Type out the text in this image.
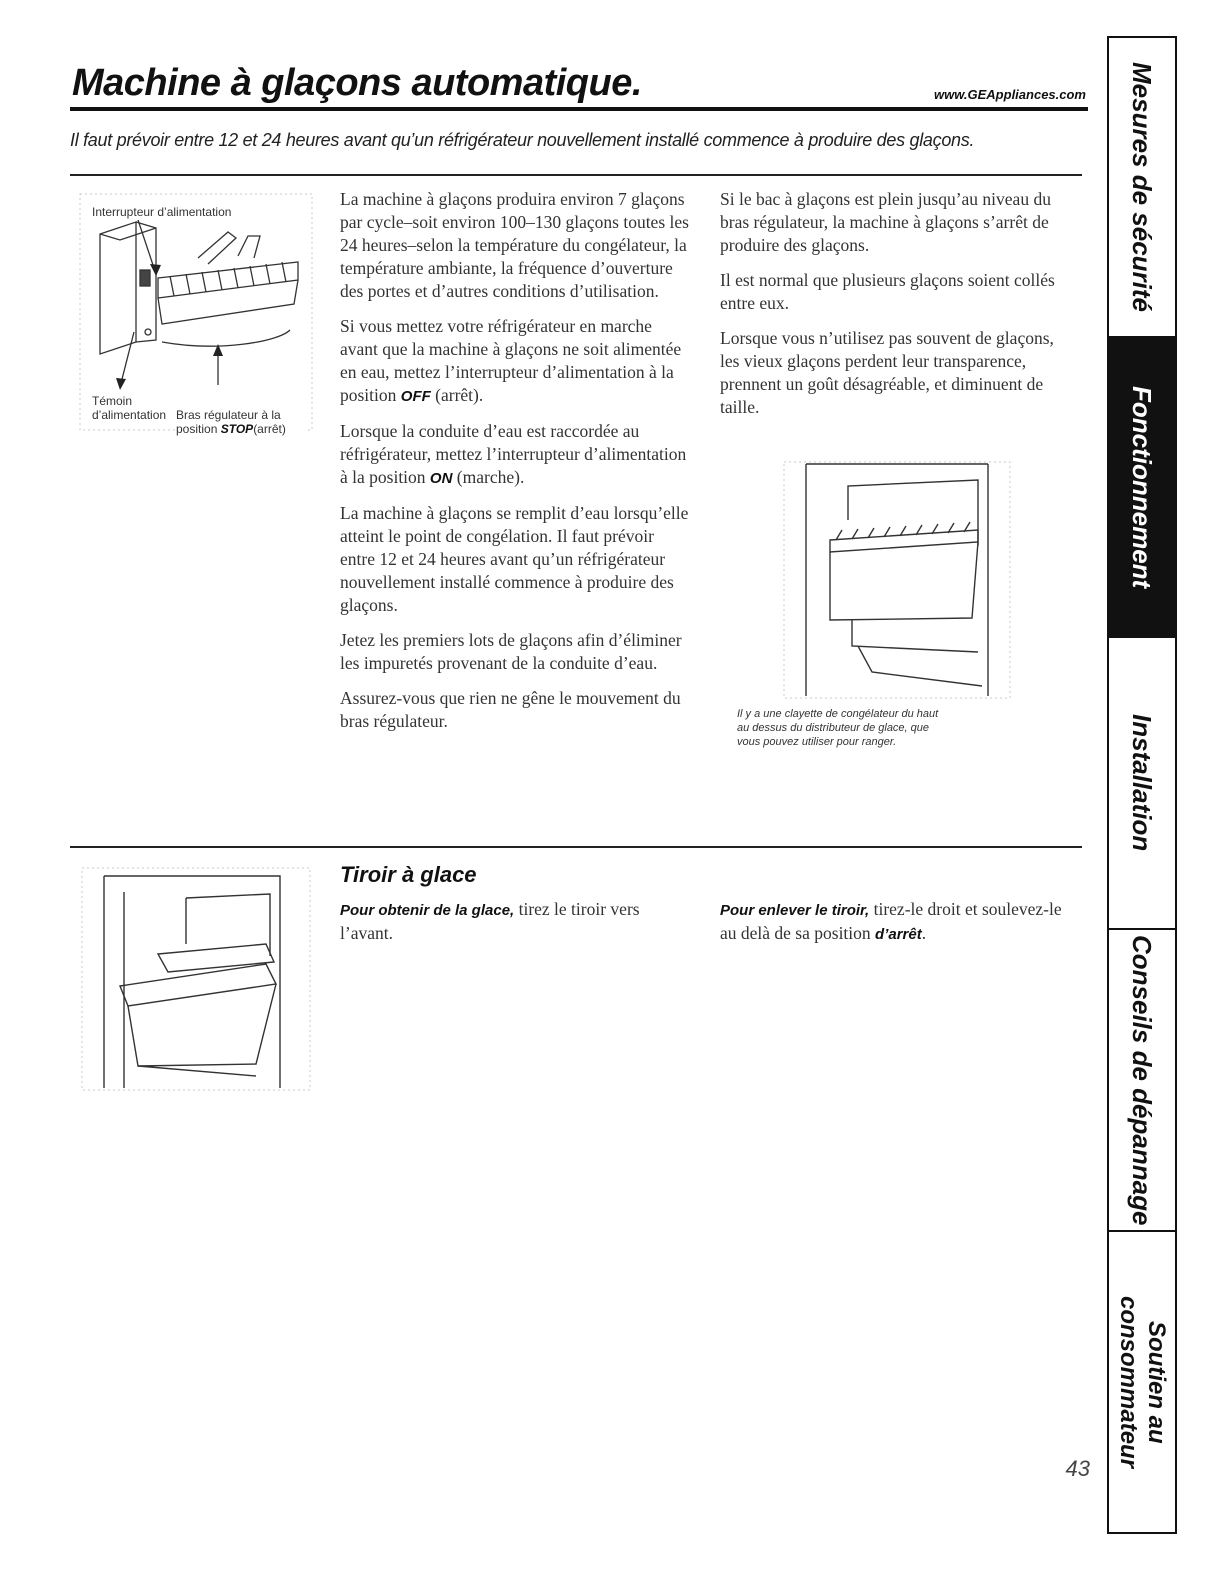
Machine à glaçons automatique.	www.GEAppliances.com
Il faut prévoir entre 12 et 24 heures avant qu’un réfrigérateur nouvellement installé commence à produire des glaçons.
Interrupteur d’alimentation
Témoin d’alimentation Bras régulateur à la position STOP(arrêt)

La machine à glaçons produira environ 7 glaçons par cycle–soit environ 100–130 glaçons toutes les 24 heures–selon la température du congélateur, la température ambiante, la fréquence d’ouverture des portes et d’autres conditions d’utilisation.

Si vous mettez votre réfrigérateur en marche avant que la machine à glaçons ne soit alimentée en eau, mettez l’interrupteur d’alimentation à la position OFF (arrêt).

Lorsque la conduite d’eau est raccordée au réfrigérateur, mettez l’interrupteur d’alimentation à la position ON (marche).

La machine à glaçons se remplit d’eau lorsqu’elle atteint le point de congélation. Il faut prévoir entre 12 et 24 heures avant qu’un réfrigérateur nouvellement installé commence à produire des glaçons.

Jetez les premiers lots de glaçons afin d’éliminer les impuretés provenant de la conduite d’eau.

Assurez-vous que rien ne gêne le mouvement du bras régulateur.

Si le bac à glaçons est plein jusqu’au niveau du bras régulateur, la machine à glaçons s’arrêt de produire des glaçons.

Il est normal que plusieurs glaçons soient collés entre eux.

Lorsque vous n’utilisez pas souvent de glaçons, les vieux glaçons perdent leur transparence, prennent un goût désagréable, et diminuent de taille.

Il y a une clayette de congélateur du haut
au dessus du distributeur de glace, que
vous pouvez utiliser pour ranger.
Tiroir à glace

Pour obtenir de la glace, tirez le tiroir vers l’avant.

Pour enlever le tiroir, tirez-le droit et soulevez-le au delà de sa position d’arrêt.

Mesures de sécurité
Fonctionnement
Installation
Conseils de dépannage
Soutien au consommateur
43
